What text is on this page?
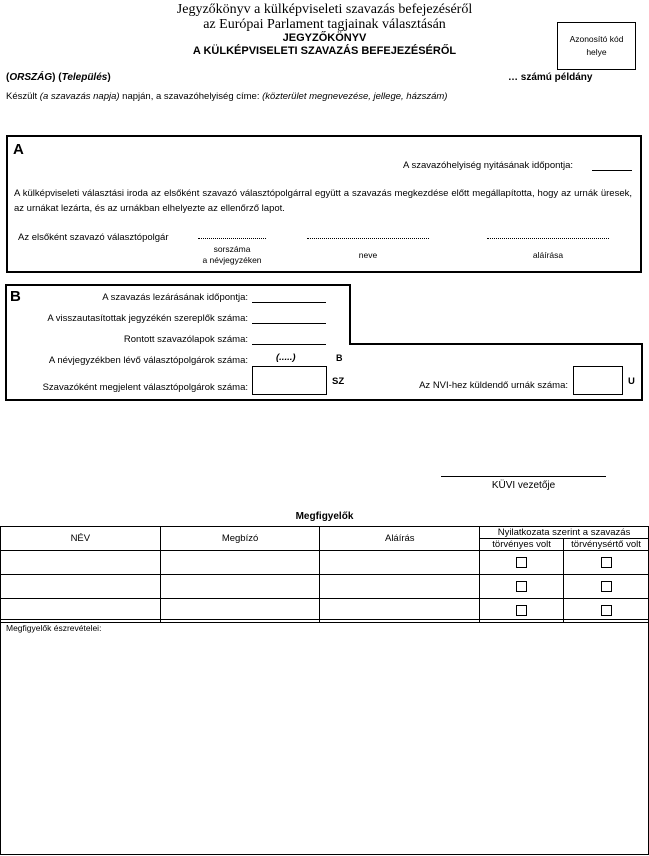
Jegyzőkönyv a külképviseleti szavazás befejezéséről
az Európai Parlament tagjainak választásán
JEGYZŐKÖNYV
A KÜLKÉPVISELETI SZAVAZÁS BEFEJEZÉSÉRŐL
Azonosító kód helye
(ORSZÁG) (Település)	… számú példány
Készült (a szavazás napja) napján, a szavazóhelyiség címe: (közterület megnevezése, jellege, házszám)
A
A szavazóhelyiség nyitásának időpontja:
A külképviseleti választási iroda az elsőként szavazó választópolgárral együtt a szavazás megkezdése előtt megállapította, hogy az urnák üresek, az urnákat lezárta, és az urnákban elhelyezte az ellenőrző lapot.
Az elsőként szavazó választópolgár
sorszáma
a névjegyzéken	neve	aláírása
B	A szavazás lezárásának időpontja:
A visszautasítottak jegyzékén szereplők száma:
Rontott szavazólapok száma:
A névjegyzékben lévő választópolgárok száma:	(.....)	B
Szavazóként megjelent választópolgárok száma:
SZ	Az NVI-hez küldendő urnák száma:	U
KÜVI vezetője
Megfigyelők
NÉV	Megbízó	Aláírás	Nyilatkozata szerint a szavazás	
			törvényes volt	törvénysértő volt

Megfigyelők észrevételei:
